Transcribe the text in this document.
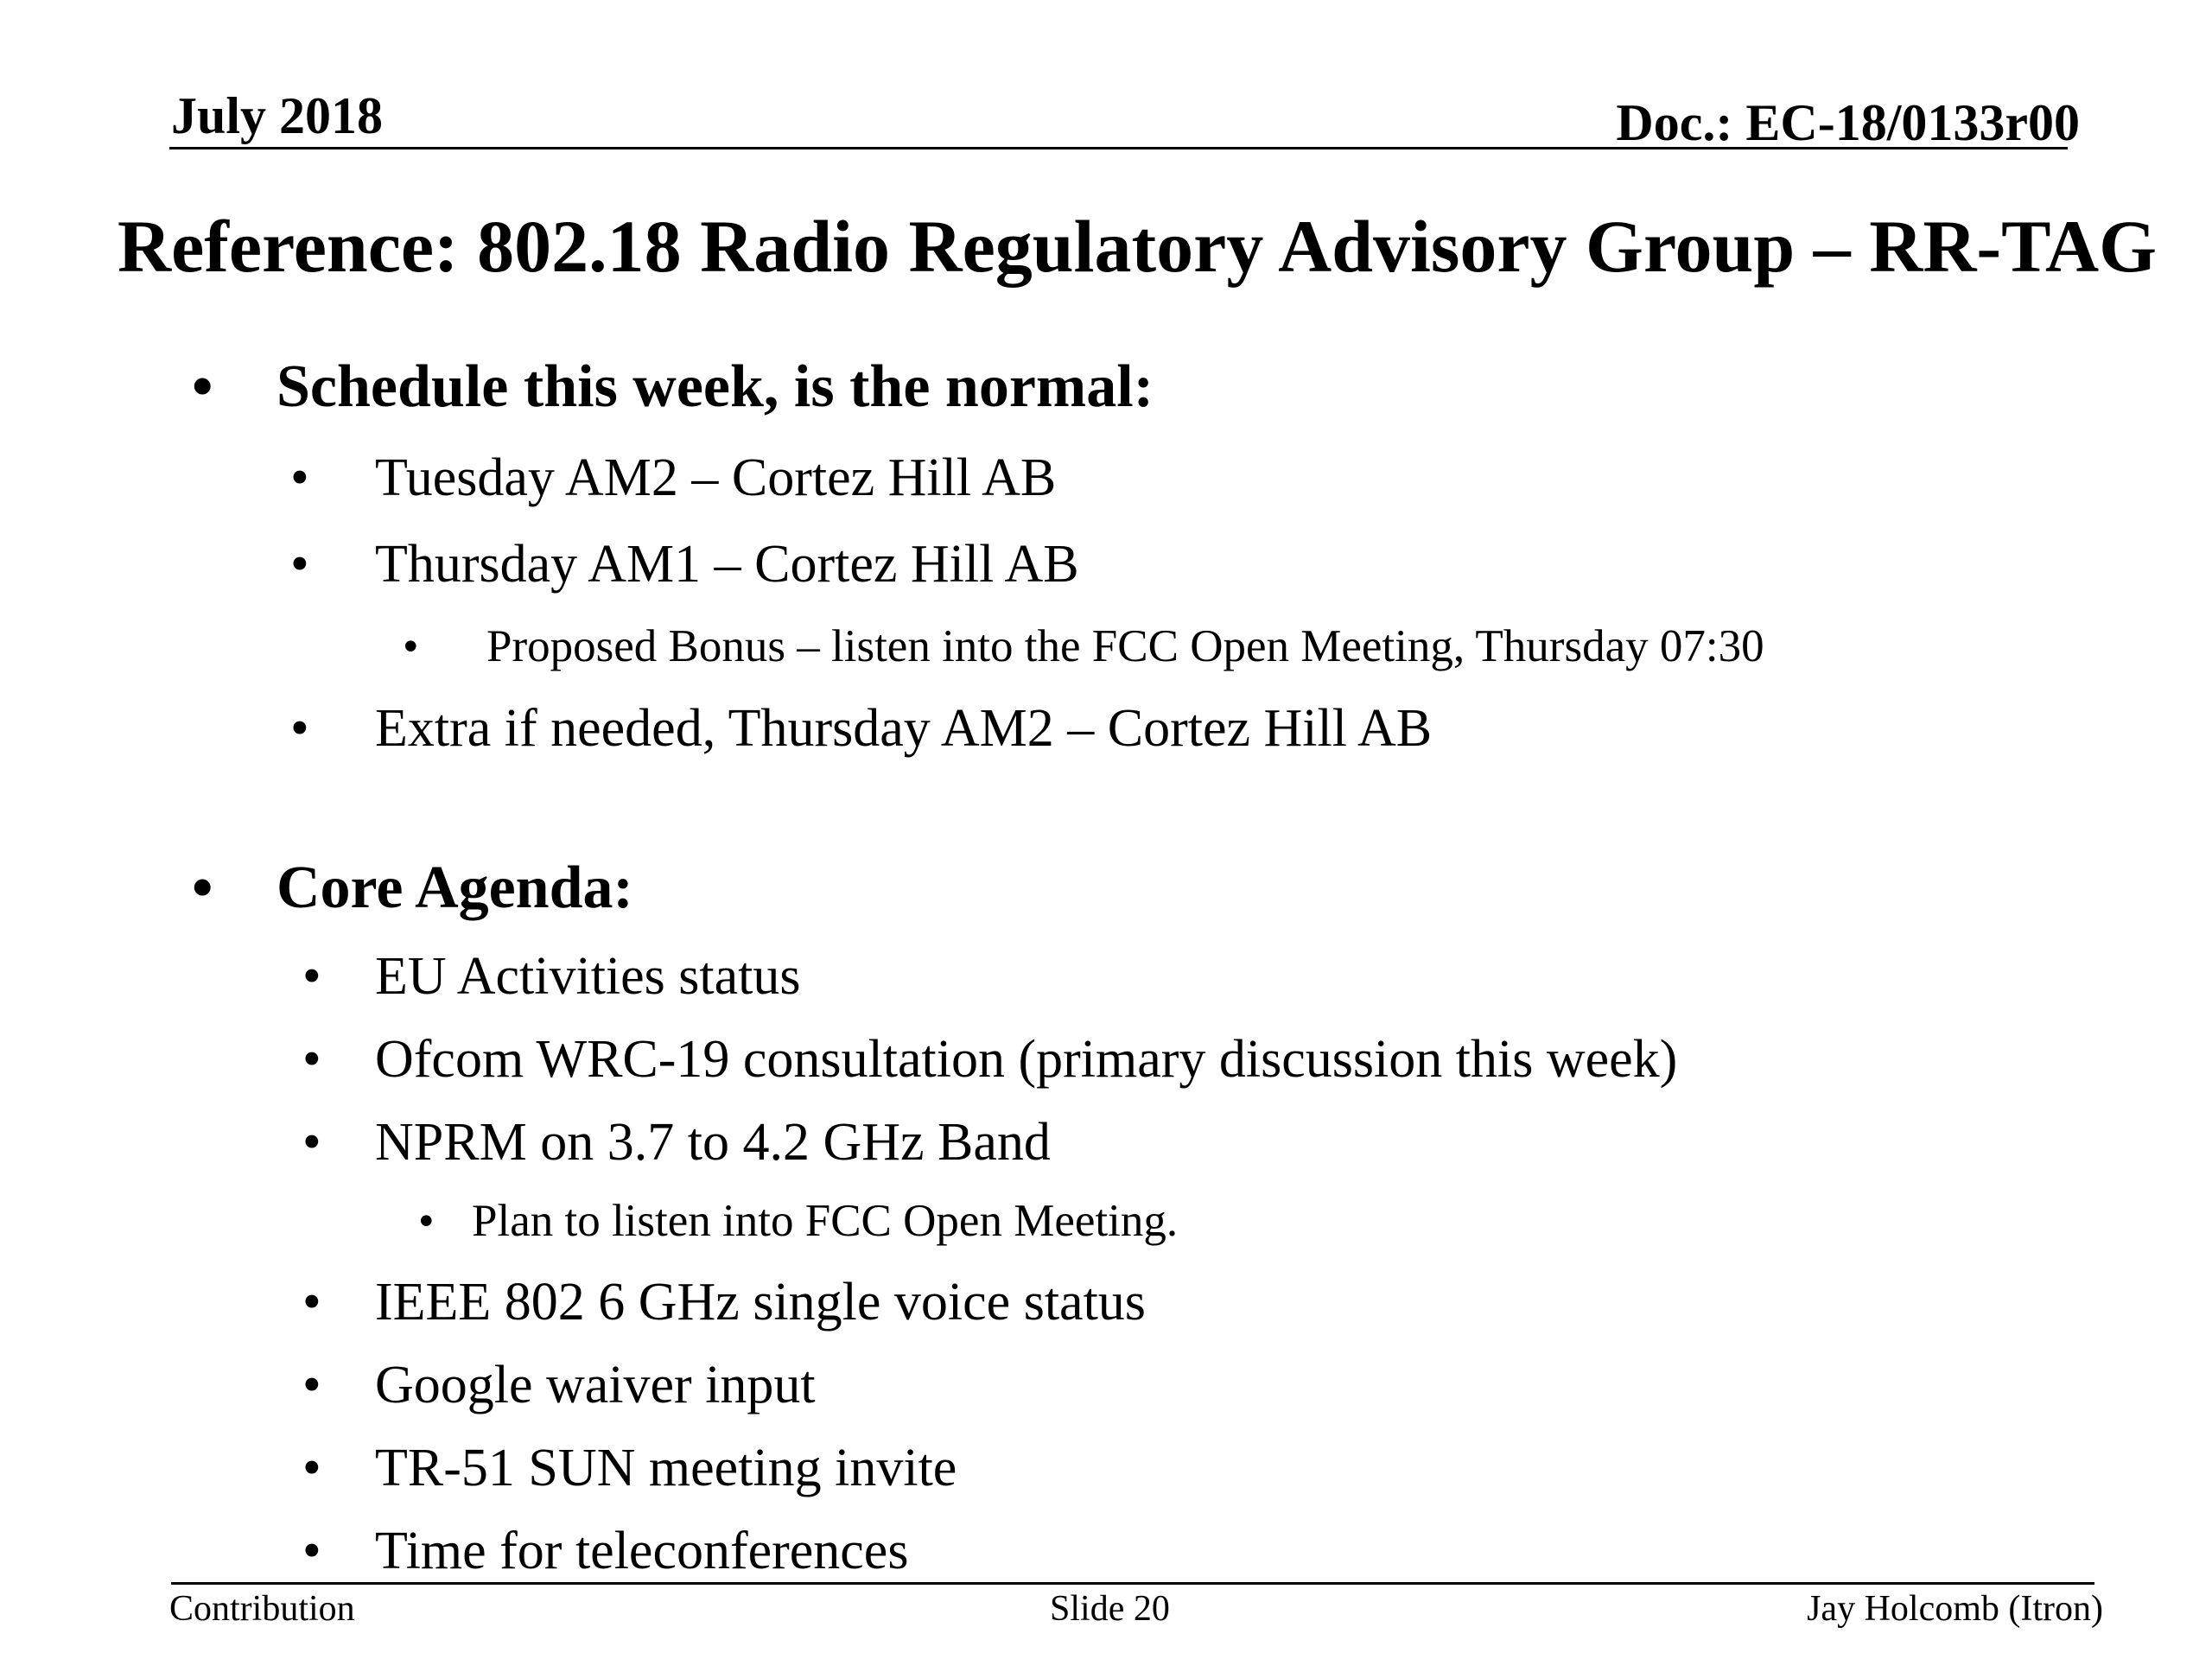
July 2018	Doc.: EC-18/0133r00
Reference: 802.18 Radio Regulatory Advisory Group – RR-TAG
• Schedule this week, is the normal:
• Tuesday AM2 – Cortez Hill AB
• Thursday AM1 – Cortez Hill AB
• Proposed Bonus – listen into the FCC Open Meeting, Thursday 07:30
• Extra if needed, Thursday AM2 – Cortez Hill AB
• Core Agenda:
• EU Activities status
• Ofcom WRC-19 consultation (primary discussion this week)
• NPRM on 3.7 to 4.2 GHz Band
• Plan to listen into FCC Open Meeting.
• IEEE 802 6 GHz single voice status
• Google waiver input
• TR-51 SUN meeting invite
• Time for teleconferences
Contribution	Slide 20	Jay Holcomb (Itron)
